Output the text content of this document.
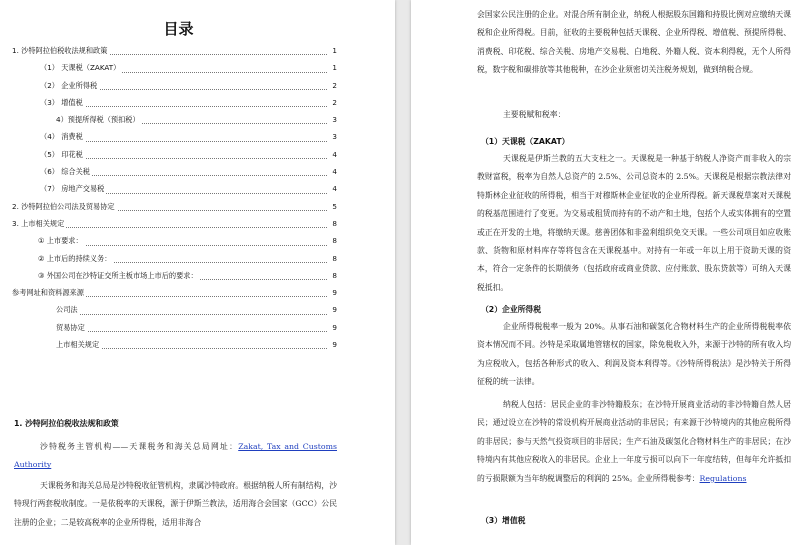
目录
1. 沙特阿拉伯税收法规和政策	1
（1） 天课税（ZAKAT）	1
（2） 企业所得税	2
（3） 增值税	2
4）预提所得税（预扣税）	3
（4） 消费税	3
（5） 印花税	4
（6） 综合关税	4
（7） 房地产交易税	4
2. 沙特阿拉伯公司法及贸易协定	5
3. 上市相关规定	8
① 上市要求：	8
② 上市后的持续义务：	8
③ 外国公司在沙特证交所主板市场上市后的要求：	8
参考网址和资料源来源	9
公司法	9
贸易协定	9
上市相关规定	9
1. 沙特阿拉伯税收法规和政策
沙特税务主管机构——天课税务和海关总局网址：Zakat, Tax and Customs Authority
天课税务和海关总局是沙特税收征管机构，隶属沙特政府。根据纳税人所有制结构，沙特现行两套税收制度。一是依税率的天课税，源于伊斯兰教法，适用海合会国家（GCC）公民注册的企业；二是较高税率的企业所得税，适用非海合
会国家公民注册的企业。对混合所有制企业，纳税人根据股东国籍和持股比例对应缴纳天课税和企业所得税。目前，征收的主要税种包括天课税、企业所得税、增值税、预提所得税、消费税、印花税、综合关税、房地产交易税、白地税、外籍人税、资本利得税，无个人所得税，数字税和碳排放等其他税种，在沙企业须密切关注税务规划，做到纳税合规。
主要税赋和税率：
（1）天课税（ZAKAT）
天课税是伊斯兰教的五大支柱之一。天课税是一种基于纳税人净资产而非收入的宗教财富税，税率为自然人总资产的 2.5%、公司总资本的 2.5%。天课税是根据宗教法律对特斯林企业征收的所得税，相当于对穆斯林企业征收的企业所得税。新天课税草案对天课税的税基范围进行了变更。为交易或租赁而持有的不动产和土地，包括个人或实体拥有的空置或正在开发的土地，将缴纳天课。慈善团体和非盈利组织免交天课。一些公司项目如应收账款、货物和原材料库存等将包含在天课税基中。对持有一年或一年以上用于资助天课的资本，符合一定条件的长期债务（包括政府或商业贷款、应付账款、股东贷款等）可纳入天课税抵扣。
（2）企业所得税
企业所得税税率一般为 20%。从事石油和碳氢化合物材料生产的企业所得税税率依资本情况而不同。沙特是采取属地管辖权的国家，除免税收入外，来源于沙特的所有收入均为应税收入，包括各种形式的收入、利润及资本利得等。《沙特所得税法》是沙特关于所得征税的统一法律。
纳税人包括：居民企业的非沙特籍股东；在沙特开展商业活动的非沙特籍自然人居民；通过设立在沙特的常设机构开展商业活动的非居民；有来源于沙特境内的其他应税所得的非居民；参与天然气投资项目的非居民；生产石油及碳氢化合物材料生产的非居民；在沙特境内有其他应税收入的非居民。企业上一年度亏损可以向下一年度结转，但每年允许抵扣的亏损限额为当年纳税调整后的利润的 25%。企业所得税参考：Regulations
（3）增值税
